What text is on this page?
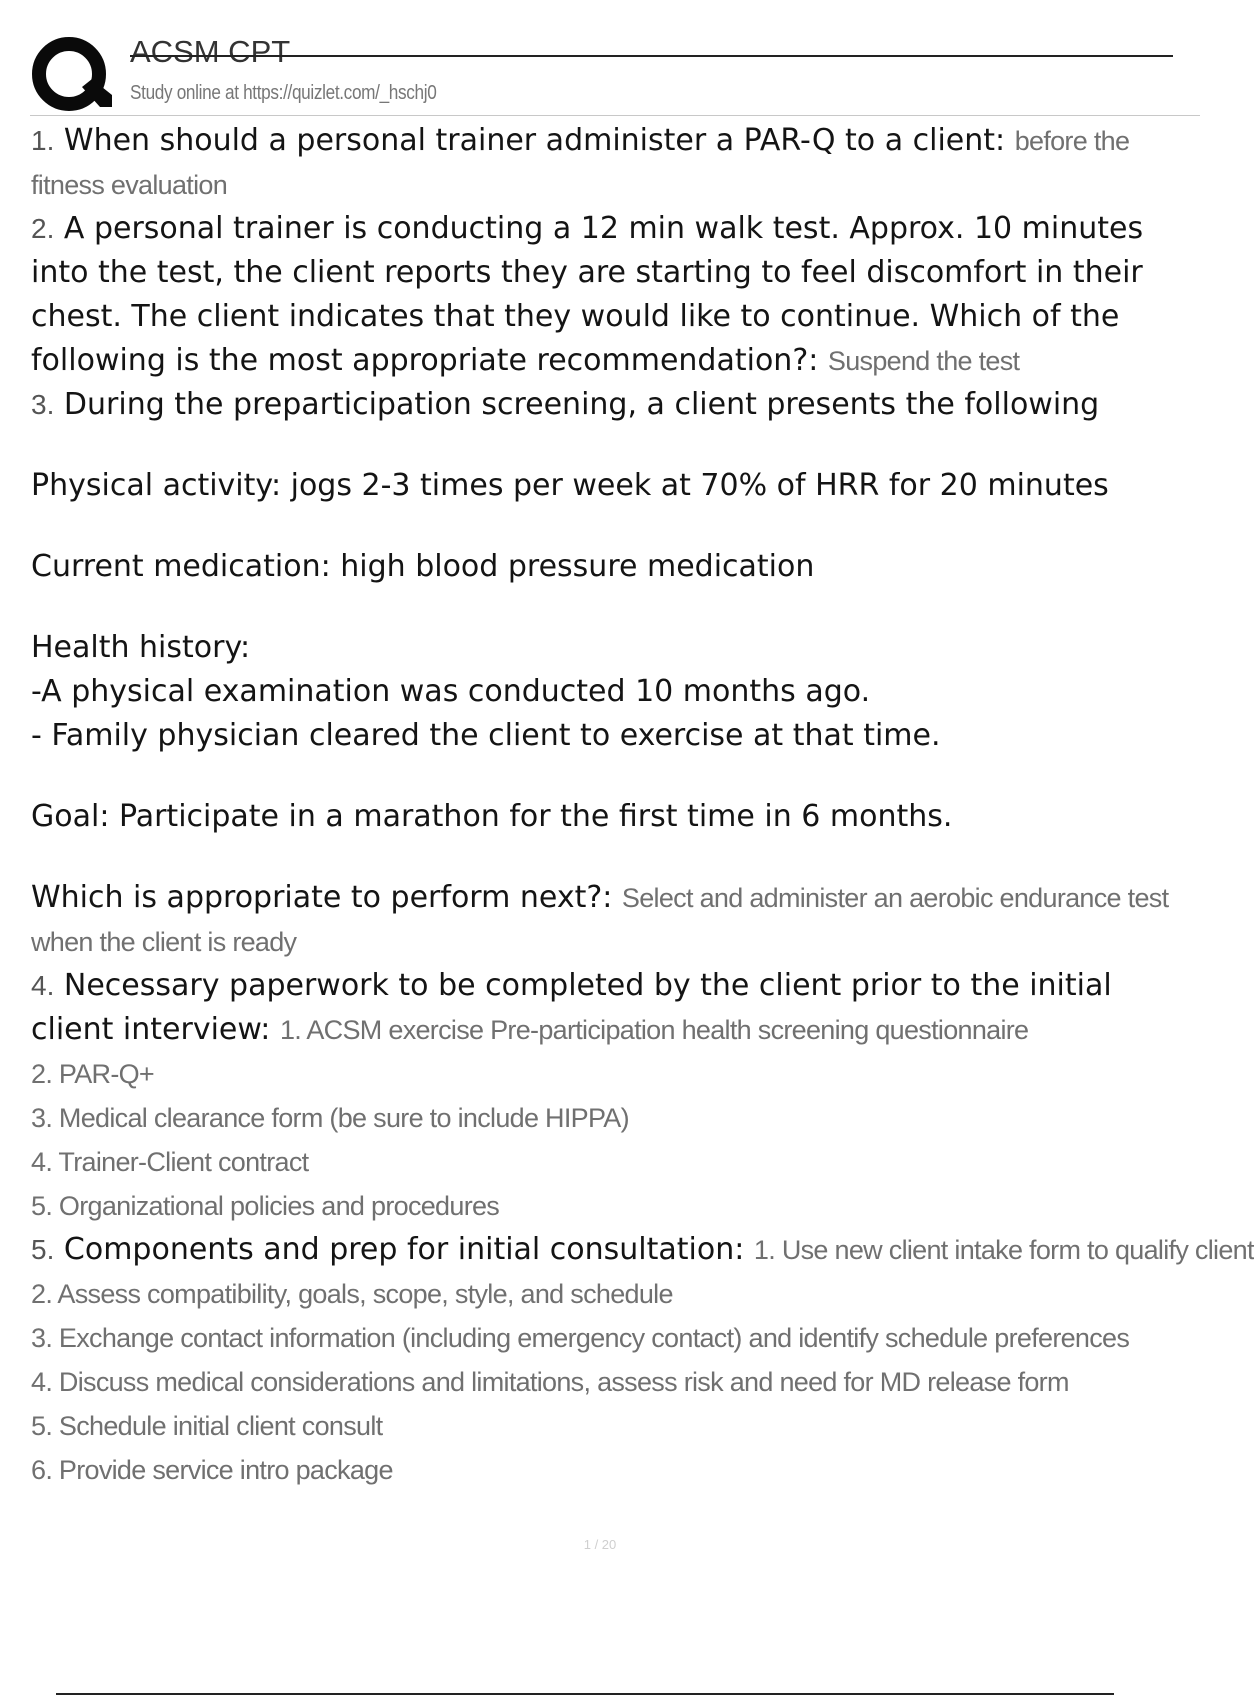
ACSM CPT
Study online at https://quizlet.com/_hschj0

1. When should a personal trainer administer a PAR-Q to a client: before the fitness evaluation

2. A personal trainer is conducting a 12 min walk test. Approx. 10 minutes into the test, the client reports they are starting to feel discomfort in their chest. The client indicates that they would like to continue. Which of the following is the most appropriate recommendation?: Suspend the test

3. During the preparticipation screening, a client presents the following

Physical activity: jogs 2-3 times per week at 70% of HRR for 20 minutes

Current medication: high blood pressure medication

Health history:

-A physical examination was conducted 10 months ago.

- Family physician cleared the client to exercise at that time.

Goal: Participate in a marathon for the first time in 6 months.

Which is appropriate to perform next?: Select and administer an aerobic endurance test when the client is ready

4. Necessary paperwork to be completed by the client prior to the initial client interview: 1. ACSM exercise Pre-participation health screening questionnaire

2. PAR-Q+

3. Medical clearance form (be sure to include HIPPA)

4. Trainer-Client contract

5. Organizational policies and procedures

5. Components and prep for initial consultation: 1. Use new client intake form to qualify client

2. Assess compatibility, goals, scope, style, and schedule

3. Exchange contact information (including emergency contact) and identify schedule preferences

4. Discuss medical considerations and limitations, assess risk and need for MD release form

5. Schedule initial client consult

6. Provide service intro package

1 / 20
